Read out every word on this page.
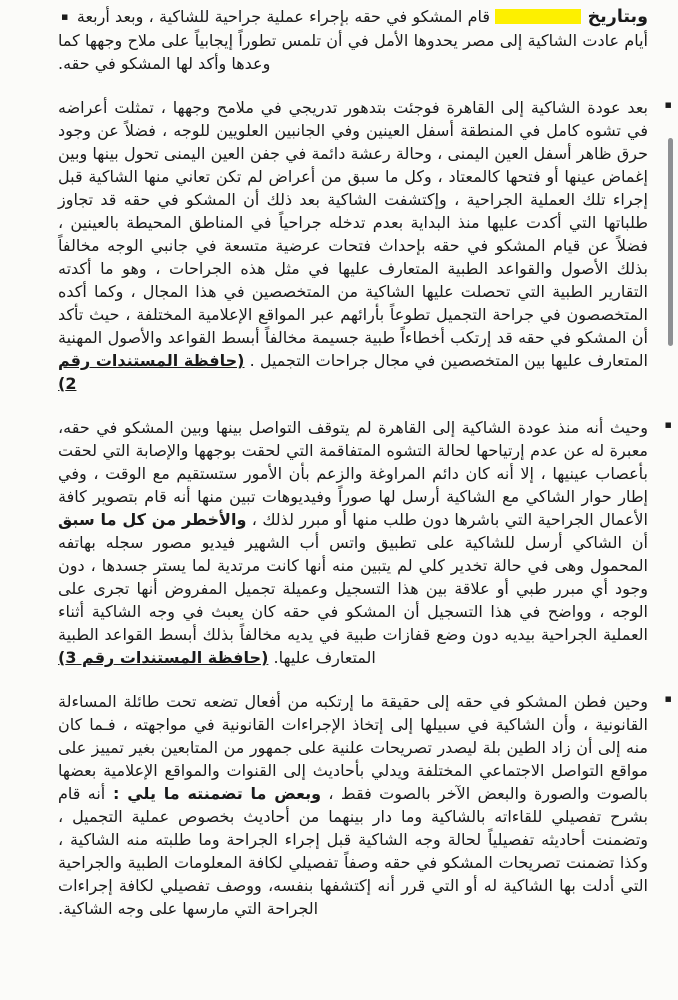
وبتاريخ  قام المشكو في حقه بإجراء عملية جراحية للشاكية ، وبعد أربعة ▪ أيام عادت الشاكية إلى مصر يحدوها الأمل في أن تلمس تطوراً إيجابياً على ملاح وجهها كما وعدها وأكد لها المشكو في حقه.
▪
بعد عودة الشاكية إلى القاهرة فوجئت بتدهور تدريجي في ملامح وجهها ، تمثلت أعراضه في تشوه كامل في المنطقة أسفل العينين وفي الجانبين العلويين للوجه ، فضلاً عن وجود حرق ظاهر أسفل العين اليمنى ، وحالة رعشة دائمة في جفن العين اليمنى تحول بينها وبين إغماض عينها أو فتحها كالمعتاد ، وكل ما سبق من أعراض لم تكن تعاني منها الشاكية قبل إجراء تلك العملية الجراحية ، وإكتشفت الشاكية بعد ذلك أن المشكو في حقه قد تجاوز طلباتها التي أكدت عليها منذ البداية بعدم تدخله جراحياً في المناطق المحيطة بالعينين ، فضلاً عن قيام المشكو في حقه بإحداث فتحات عرضية متسعة في جانبي الوجه مخالفاً بذلك الأصول والقواعد الطبية المتعارف عليها في مثل هذه الجراحات ، وهو ما أكدته التقارير الطبية التي تحصلت عليها الشاكية من المتخصصين في هذا المجال ، وكما أكده المتخصصون في جراحة التجميل تطوعاً بأرائهم عبر المواقع الإعلامية المختلفة ، حيث تأكد أن المشكو في حقه قد إرتكب أخطاءاً طبية جسيمة مخالفاً أبسط القواعد والأصول المهنية المتعارف عليها بين المتخصصين في مجال جراحات التجميل . (حافظة المستندات رقم 2)
▪
وحيث أنه منذ عودة الشاكية إلى القاهرة لم يتوقف التواصل بينها وبين المشكو في حقه، معبرة له عن عدم إرتياحها لحالة التشوه المتفاقمة التي لحقت بوجهها والإصابة التي لحقت بأعصاب عينيها ، إلا أنه كان دائم المراوغة والزعم بأن الأمور ستستقيم مع الوقت ، وفي إطار حوار الشاكي مع الشاكية أرسل لها صوراً وفيديوهات تبين منها أنه قام بتصوير كافة الأعمال الجراحية التي باشرها دون طلب منها أو مبرر لذلك ، والأخطر من كل ما سبق أن الشاكي أرسل للشاكية على تطبيق واتس أب الشهير فيديو مصور سجله بهاتفه المحمول وهى في حالة تخدير كلي لم يتبين منه أنها كانت مرتدية لما يستر جسدها ، دون وجود أي مبرر طبي أو علاقة بين هذا التسجيل وعميلة تجميل المفروض أنها تجرى على الوجه ، وواضح في هذا التسجيل أن المشكو في حقه كان يعبث في وجه الشاكية أثناء العملية الجراحية بيديه دون وضع قفازات طبية في يديه مخالفاً بذلك أبسط القواعد الطبية المتعارف عليها. (حافظة المستندات رقم 3)
▪
وحين فطن المشكو في حقه إلى حقيقة ما إرتكبه من أفعال تضعه تحت طائلة المساءلة القانونية ، وأن الشاكية في سبيلها إلى إتخاذ الإجراءات القانونية في مواجهته ، فـما كان منه إلى أن زاد الطين بلة ليصدر تصريحات علنية على جمهور من المتابعين بغير تمييز على مواقع التواصل الاجتماعي المختلفة ويدلي بأحاديث إلى القنوات والمواقع الإعلامية بعضها بالصوت والصورة والبعض الآخر بالصوت فقط ، وبعض ما تضمنته ما يلي : أنه قام بشرح تفصيلي للقاءاته بالشاكية وما دار بينهما من أحاديث بخصوص عملية التجميل ، وتضمنت أحاديثه تفصيلياً لحالة وجه الشاكية قبل إجراء الجراحة وما طلبته منه الشاكية ، وكذا تضمنت تصريحات المشكو في حقه وصفاً تفصيلي لكافة المعلومات الطبية والجراحية التي أدلت بها الشاكية له أو التي قرر أنه إكتشفها بنفسه، ووصف تفصيلي لكافة إجراءات الجراحة التي مارسها على وجه الشاكية.
